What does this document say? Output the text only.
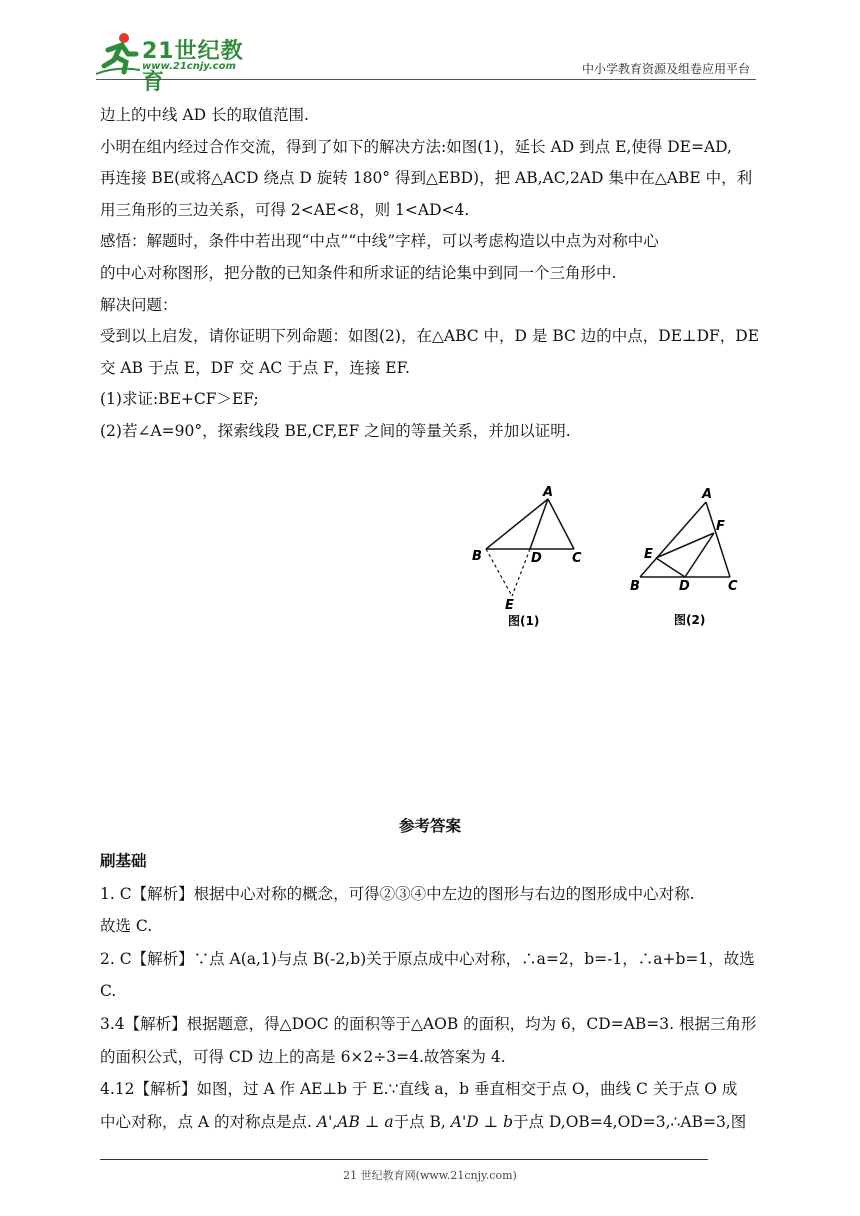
21世纪教育
www.21cnjy.com	中小学教育资源及组卷应用平台

边上的中线 AD 长的取值范围.

小明在组内经过合作交流，得到了如下的解决方法:如图(1)，延长 AD 到点 E,使得 DE=AD,

再连接 BE(或将△ACD 绕点 D 旋转 180° 得到△EBD)，把 AB,AC,2AD 集中在△ABE 中，利

用三角形的三边关系，可得 2<AE<8，则 1<AD<4.

感悟：解题时，条件中若出现“中点”“中线”字样，可以考虑构造以中点为对称中心

的中心对称图形，把分散的已知条件和所求证的结论集中到同一个三角形中.

解决问题：

受到以上启发，请你证明下列命题：如图(2)，在△ABC 中，D 是 BC 边的中点，DE⊥DF，DE

交 AB 于点 E，DF 交 AC 于点 F，连接 EF.

(1)求证:BE+CF＞EF;

(2)若∠A=90°，探索线段 BE,CF,EF 之间的等量关系，并加以证明.

A
B	C
D
E
图(1)
A
B	C
D
E
F
图(2)
参考答案

刷基础

1. C【解析】根据中心对称的概念，可得②③④中左边的图形与右边的图形成中心对称.

故选 C.

2. C【解析】∵点 A(a,1)与点 B(-2,b)关于原点成中心对称，∴a=2，b=-1，∴a+b=1，故选

C.

3.4【解析】根据题意，得△DOC 的面积等于△AOB 的面积，均为 6，CD=AB=3. 根据三角形

的面积公式，可得 CD 边上的高是 6×2÷3=4.故答案为 4.

4.12【解析】如图，过 A 作 AE⊥b 于 E.∵直线 a，b 垂直相交于点 O，曲线 C 关于点 O 成

中心对称，点 A 的对称点是点. A',AB ⊥ a于点 B, A'D ⊥ b于点 D,OB=4,OD=3,∴AB=3,图

21 世纪教育网(www.21cnjy.com)
